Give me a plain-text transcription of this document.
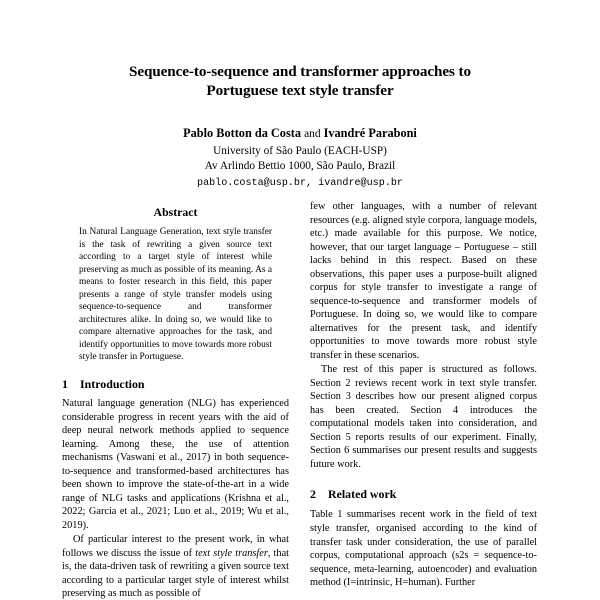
Sequence-to-sequence and transformer approaches to
Portuguese text style transfer
Pablo Botton da Costa and Ivandré Paraboni
University of São Paulo (EACH-USP)
Av Arlindo Bettio 1000, São Paulo, Brazil
pablo.costa@usp.br, ivandre@usp.br
Abstract
In Natural Language Generation, text style transfer is the task of rewriting a given source text according to a target style of interest while preserving as much as possible of its meaning. As a means to foster research in this field, this paper presents a range of style transfer models using sequence-to-sequence and transformer architectures alike. In doing so, we would like to compare alternative approaches for the task, and identify opportunities to move towards more robust style transfer in Portuguese.
1	Introduction

Natural language generation (NLG) has experienced considerable progress in recent years with the aid of deep neural network methods applied to sequence learning. Among these, the use of attention mechanisms (Vaswani et al., 2017) in both sequence-to-sequence and transformed-based architectures has been shown to improve the state-of-the-art in a wide range of NLG tasks and applications (Krishna et al., 2022; Garcia et al., 2021; Luo et al., 2019; Wu et al., 2019).

Of particular interest to the present work, in what follows we discuss the issue of text style transfer, that is, the data-driven task of rewriting a given source text according to a particular target style of interest whilst preserving as much as possible of

few other languages, with a number of relevant resources (e.g. aligned style corpora, language models, etc.) made available for this purpose. We notice, however, that our target language – Portuguese – still lacks behind in this respect. Based on these observations, this paper uses a purpose-built aligned corpus for style transfer to investigate a range of sequence-to-sequence and transformer models of Portuguese. In doing so, we would like to compare alternatives for the present task, and identify opportunities to move towards more robust style transfer in these scenarios.

The rest of this paper is structured as follows. Section 2 reviews recent work in text style transfer. Section 3 describes how our present aligned corpus has been created. Section 4 introduces the computational models taken into consideration, and Section 5 reports results of our experiment. Finally, Section 6 summarises our present results and suggests future work.

2	Related work

Table 1 summarises recent work in the field of text style transfer, organised according to the kind of transfer task under consideration, the use of parallel corpus, computational approach (s2s = sequence-to-sequence, meta-learning, autoencoder) and evaluation method (I=intrinsic, H=human). Further
